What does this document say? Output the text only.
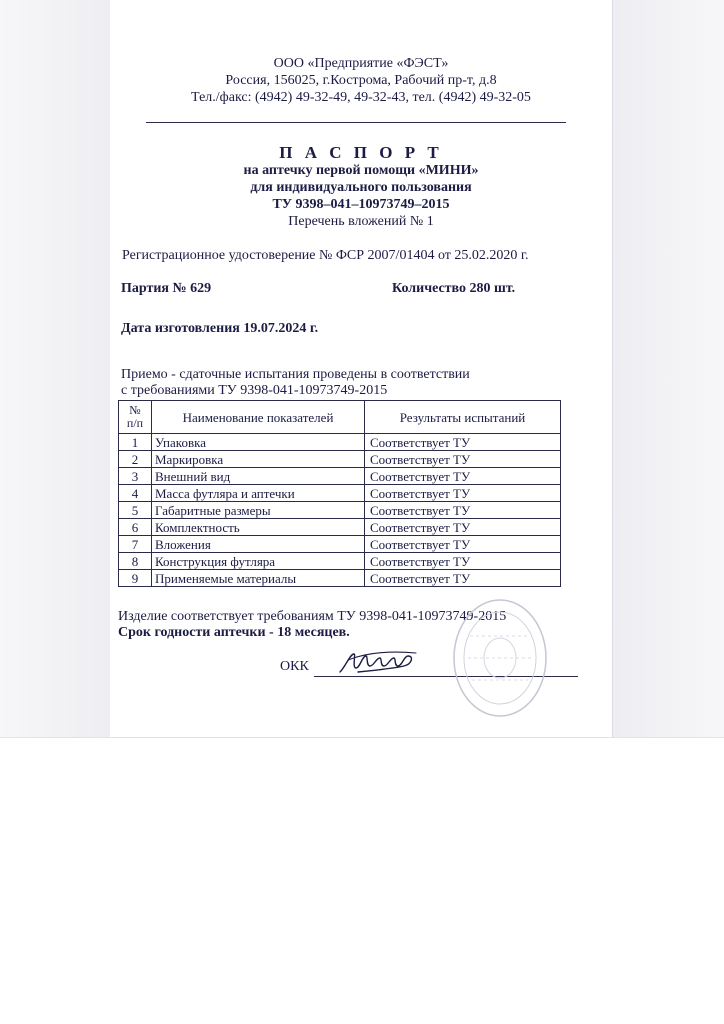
ООО «Предприятие «ФЭСТ»
Россия, 156025, г.Кострома, Рабочий пр-т, д.8
Тел./факс: (4942) 49-32-49, 49-32-43, тел. (4942) 49-32-05
П А С П О Р Т
на аптечку первой помощи «МИНИ»
для индивидуального пользования
ТУ 9398–041–10973749–2015
Перечень вложений № 1
Регистрационное удостоверение № ФСР 2007/01404 от 25.02.2020 г.
Партия № 629	Количество 280 шт.
Дата изготовления 19.07.2024 г.
Приемо - сдаточные испытания проведены в соответствии
с требованиями ТУ 9398-041-10973749-2015
№
п/п	Наименование показателей	Результаты испытаний
1	Упаковка	Соответствует ТУ
2	Маркировка	Соответствует ТУ
3	Внешний вид	Соответствует ТУ
4	Масса футляра и аптечки	Соответствует ТУ
5	Габаритные размеры	Соответствует ТУ
6	Комплектность	Соответствует ТУ
7	Вложения	Соответствует ТУ
8	Конструкция футляра	Соответствует ТУ
9	Применяемые материалы	Соответствует ТУ
Изделие соответствует требованиям ТУ 9398-041-10973749-2015
Срок годности аптечки - 18 месяцев.
ОКК
